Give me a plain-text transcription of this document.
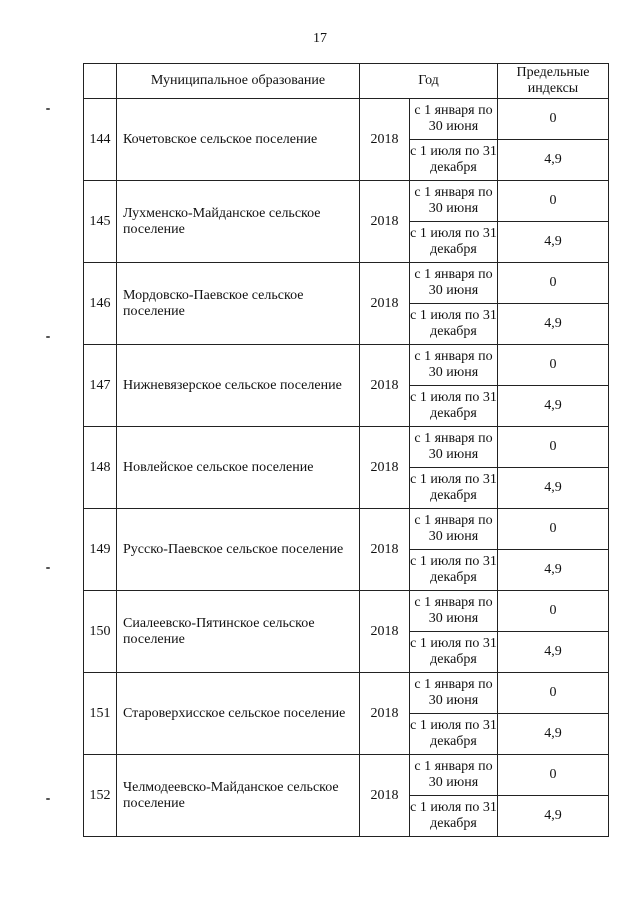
17
	Муниципальное образование	Год		Предельные индексы
144	Кочетовское сельское поселение	2018	с 1 января по 30 июня	0
			с 1 июля по 31 декабря	4,9
145	Лухменско-Майданское сельское поселение	2018	с 1 января по 30 июня	0
			с 1 июля по 31 декабря	4,9
146	Мордовско-Паевское сельское поселение	2018	с 1 января по 30 июня	0
			с 1 июля по 31 декабря	4,9
147	Нижневязерское сельское поселение	2018	с 1 января по 30 июня	0
			с 1 июля по 31 декабря	4,9
148	Новлейское сельское поселение	2018	с 1 января по 30 июня	0
			с 1 июля по 31 декабря	4,9
149	Русско-Паевское сельское поселение	2018	с 1 января по 30 июня	0
			с 1 июля по 31 декабря	4,9
150	Сиалеевско-Пятинское сельское поселение	2018	с 1 января по 30 июня	0
			с 1 июля по 31 декабря	4,9
151	Староверхисское сельское поселение	2018	с 1 января по 30 июня	0
			с 1 июля по 31 декабря	4,9
152	Челмодеевско-Майданское сельское поселение	2018	с 1 января по 30 июня	0
			с 1 июля по 31 декабря	4,9
